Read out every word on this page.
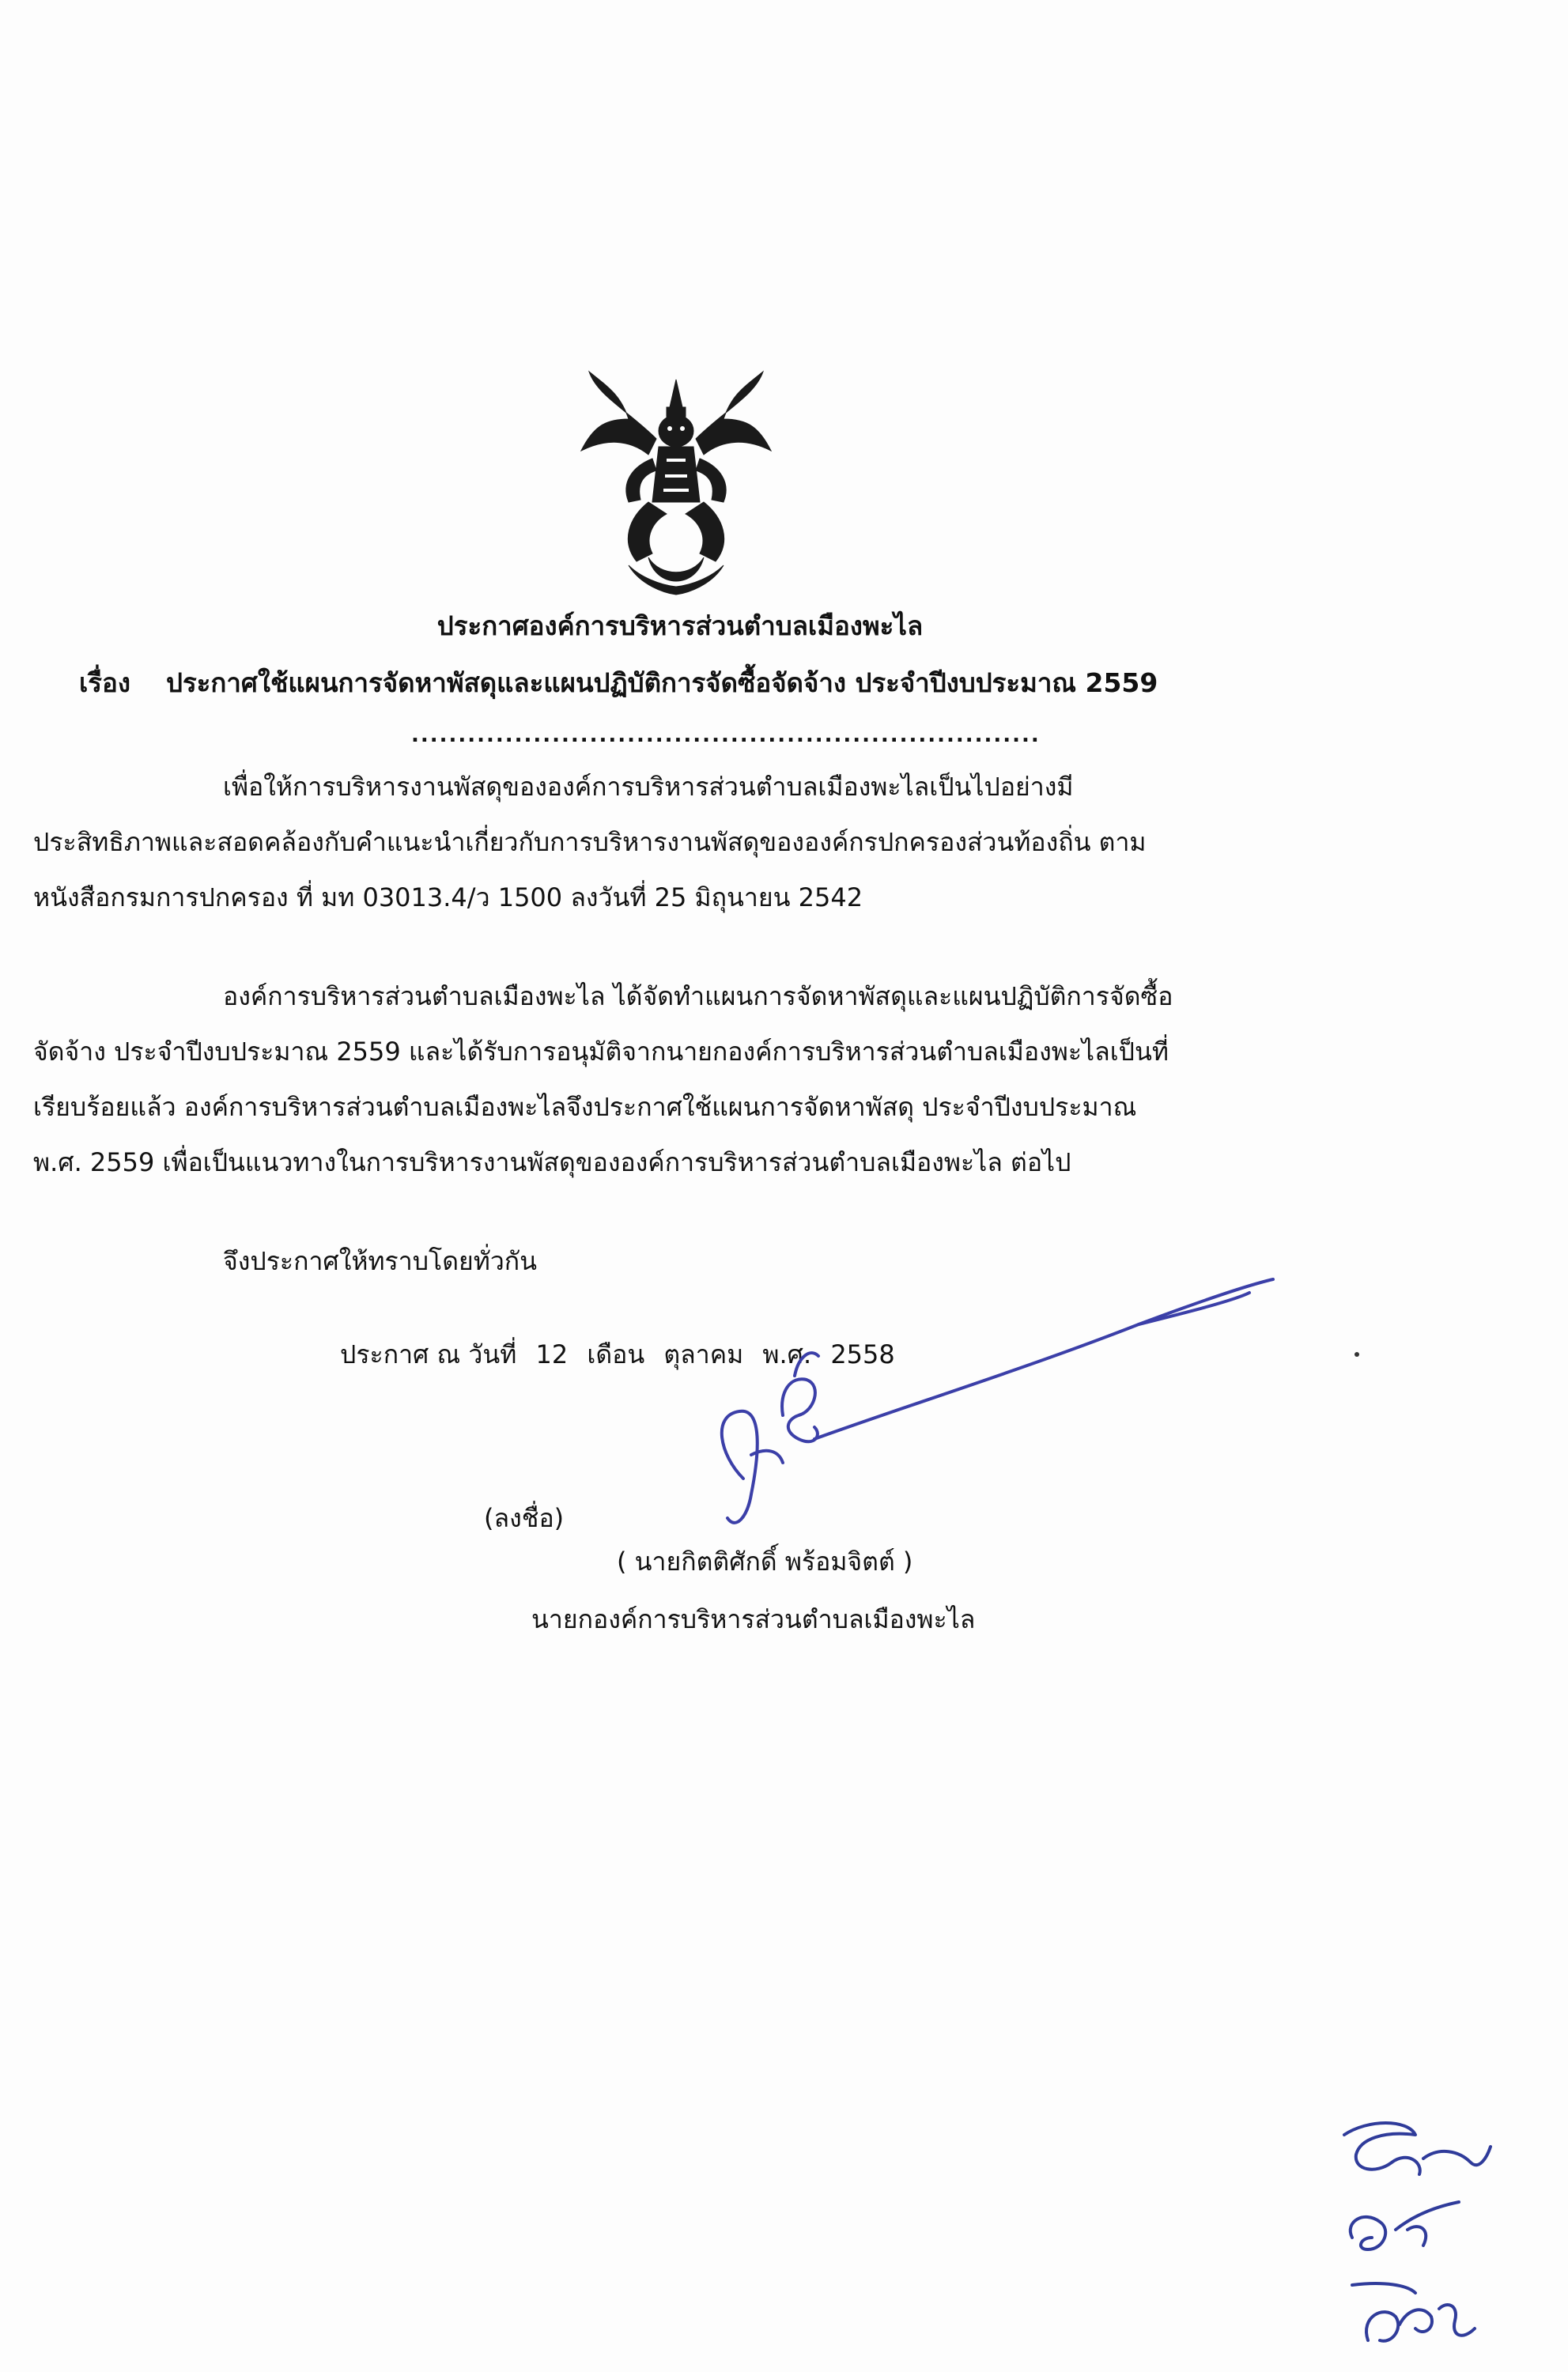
ประกาศองค์การบริหารส่วนตำบลเมืองพะไล
เรื่อง ประกาศใช้แผนการจัดหาพัสดุและแผนปฏิบัติการจัดซื้อจัดจ้าง ประจำปีงบประมาณ 2559
...................................................................
เพื่อให้การบริหารงานพัสดุขององค์การบริหารส่วนตำบลเมืองพะไลเป็นไปอย่างมี
ประสิทธิภาพและสอดคล้องกับคำแนะนำเกี่ยวกับการบริหารงานพัสดุขององค์กรปกครองส่วนท้องถิ่น ตาม
หนังสือกรมการปกครอง ที่ มท 03013.4/ว 1500 ลงวันที่ 25 มิถุนายน 2542
องค์การบริหารส่วนตำบลเมืองพะไล ได้จัดทำแผนการจัดหาพัสดุและแผนปฏิบัติการจัดซื้อ
จัดจ้าง ประจำปีงบประมาณ 2559 และได้รับการอนุมัติจากนายกองค์การบริหารส่วนตำบลเมืองพะไลเป็นที่
เรียบร้อยแล้ว องค์การบริหารส่วนตำบลเมืองพะไลจึงประกาศใช้แผนการจัดหาพัสดุ ประจำปีงบประมาณ
พ.ศ. 2559 เพื่อเป็นแนวทางในการบริหารงานพัสดุขององค์การบริหารส่วนตำบลเมืองพะไล ต่อไป
จึงประกาศให้ทราบโดยทั่วกัน
ประกาศ ณ วันที่ 12 เดือน ตุลาคม พ.ศ. 2558
(ลงชื่อ)
( นายกิตติศักดิ์ พร้อมจิตต์ )
นายกองค์การบริหารส่วนตำบลเมืองพะไล
